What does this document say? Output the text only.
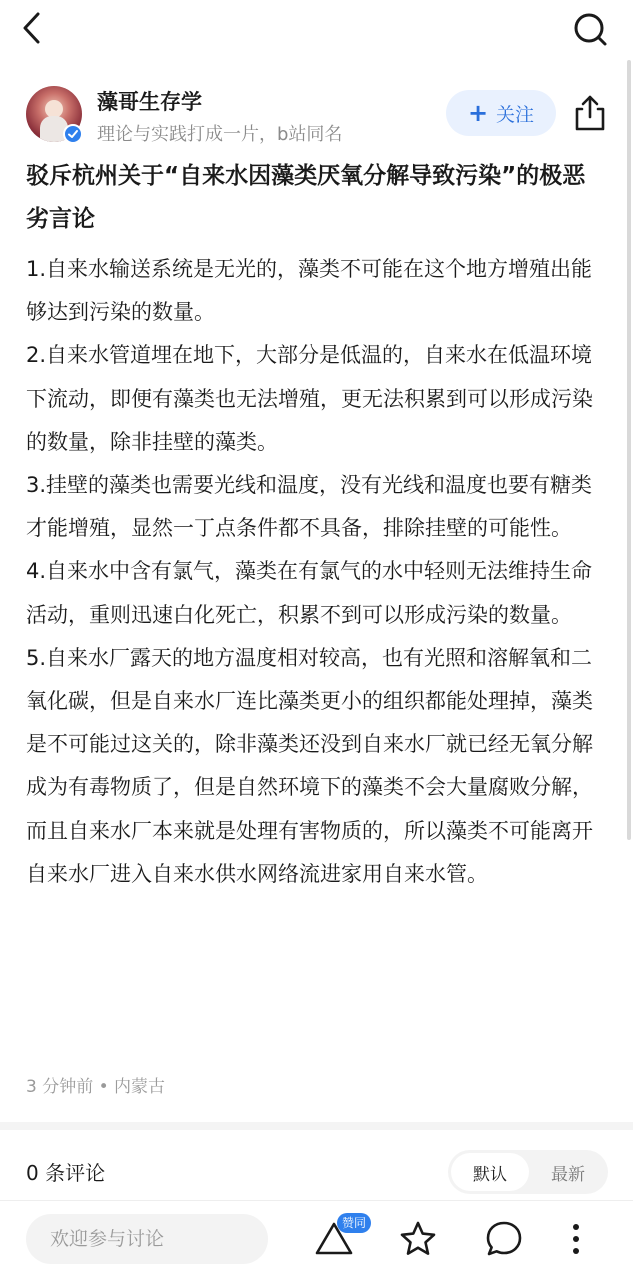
藻哥生存学
理论与实践打成一片，b站同名
+ 关注
驳斥杭州关于“自来水因藻类厌氧分解导致污染”的极恶劣言论

1.自来水输送系统是无光的，藻类不可能在这个地方增殖出能够达到污染的数量。

2.自来水管道埋在地下，大部分是低温的，自来水在低温环境下流动，即便有藻类也无法增殖，更无法积累到可以形成污染的数量，除非挂壁的藻类。

3.挂壁的藻类也需要光线和温度，没有光线和温度也要有糖类才能增殖，显然一丁点条件都不具备，排除挂壁的可能性。

4.自来水中含有氯气，藻类在有氯气的水中轻则无法维持生命活动，重则迅速白化死亡，积累不到可以形成污染的数量。

5.自来水厂露天的地方温度相对较高，也有光照和溶解氧和二氧化碳，但是自来水厂连比藻类更小的组织都能处理掉，藻类是不可能过这关的，除非藻类还没到自来水厂就已经无氧分解成为有毒物质了，但是自然环境下的藻类不会大量腐败分解，而且自来水厂本来就是处理有害物质的，所以藻类不可能离开自来水厂进入自来水供水网络流进家用自来水管。

3 分钟前 • 内蒙古
0 条评论	默认	最新
欢迎参与讨论
赞同
